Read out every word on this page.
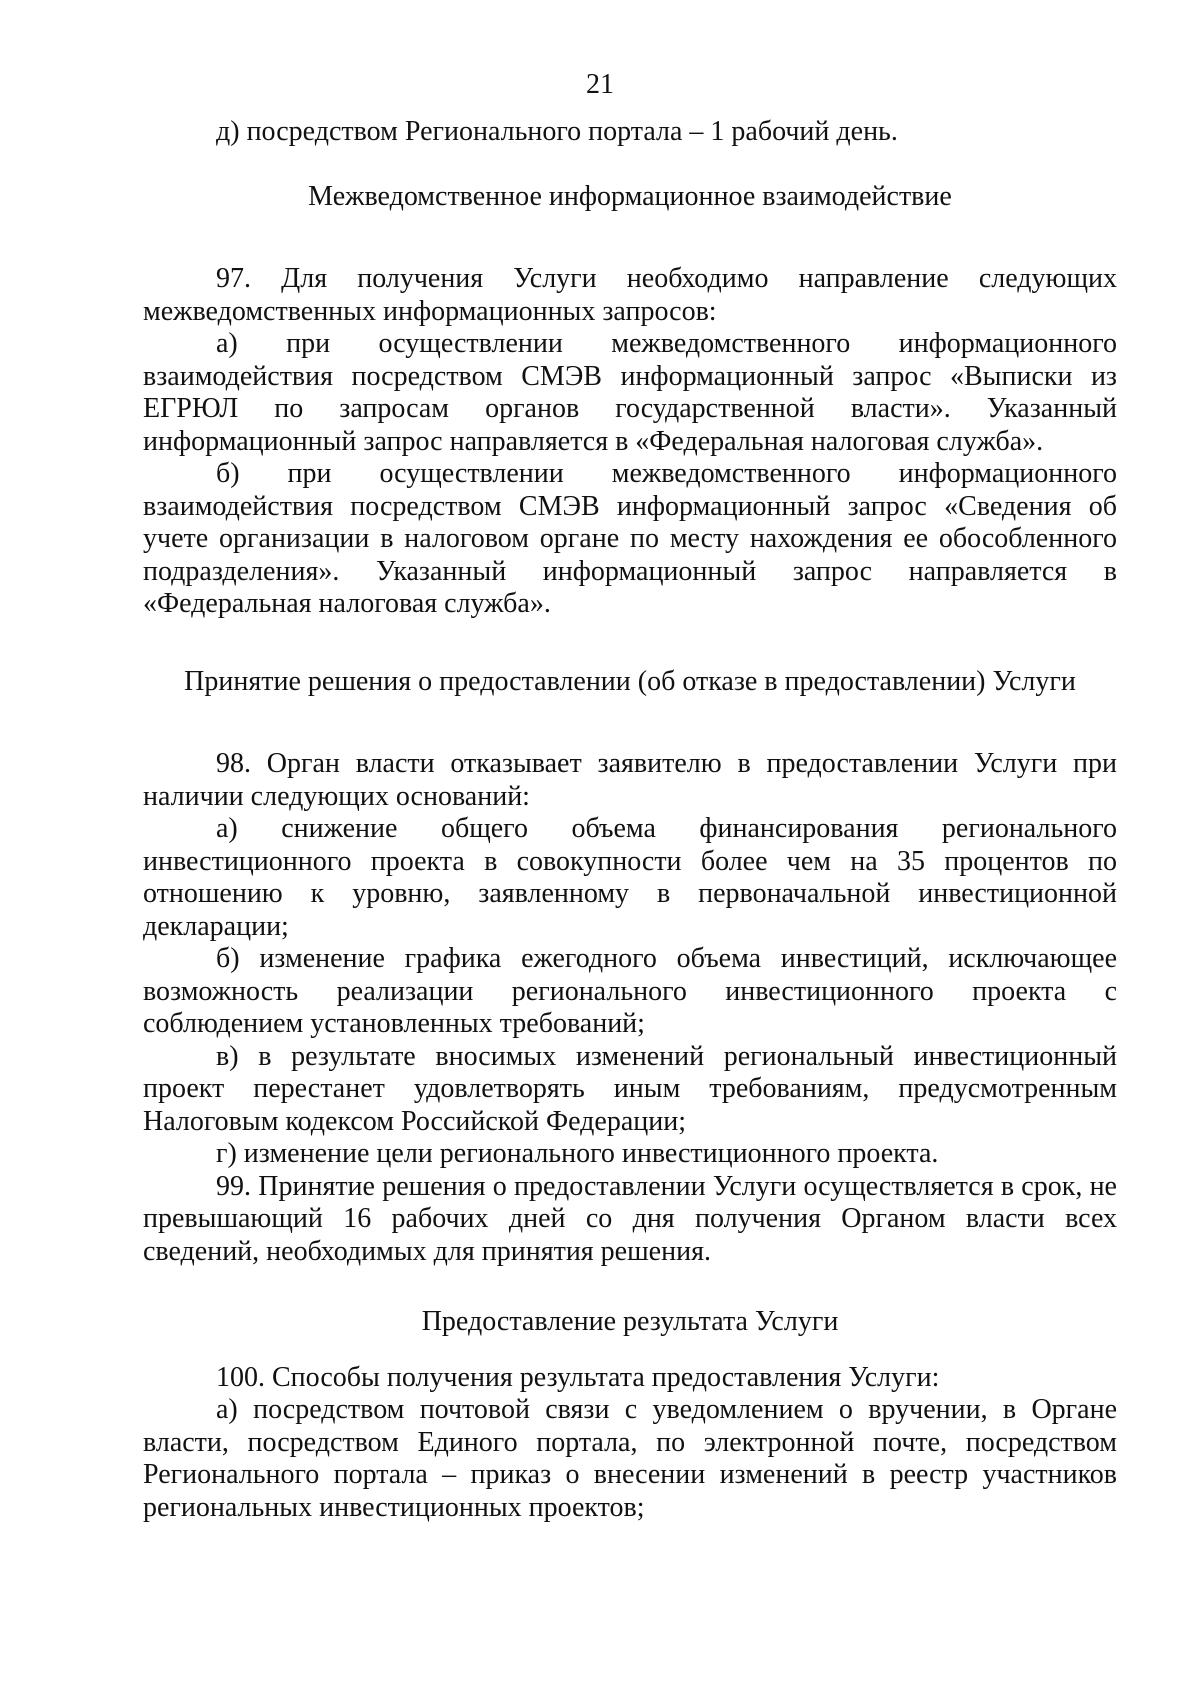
21

д) посредством Регионального портала – 1 рабочий день.

Межведомственное информационное взаимодействие

97. Для получения Услуги необходимо направление следующих межведомственных информационных запросов:

а) при осуществлении межведомственного информационного взаимодействия посредством СМЭВ информационный запрос «Выписки из ЕГРЮЛ по запросам органов государственной власти». Указанный информационный запрос направляется в «Федеральная налоговая служба».

б) при осуществлении межведомственного информационного взаимодействия посредством СМЭВ информационный запрос «Сведения об учете организации в налоговом органе по месту нахождения ее обособленного подразделения». Указанный информационный запрос направляется в «Федеральная налоговая служба».

Принятие решения о предоставлении (об отказе в предоставлении) Услуги

98. Орган власти отказывает заявителю в предоставлении Услуги при наличии следующих оснований:

а) снижение общего объема финансирования регионального инвестиционного проекта в совокупности более чем на 35 процентов по отношению к уровню, заявленному в первоначальной инвестиционной декларации;

б) изменение графика ежегодного объема инвестиций, исключающее возможность реализации регионального инвестиционного проекта с соблюдением установленных требований;

в) в результате вносимых изменений региональный инвестиционный проект перестанет удовлетворять иным требованиям, предусмотренным Налоговым кодексом Российской Федерации;

г) изменение цели регионального инвестиционного проекта.

99. Принятие решения о предоставлении Услуги осуществляется в срок, не превышающий 16 рабочих дней со дня получения Органом власти всех сведений, необходимых для принятия решения.

Предоставление результата Услуги

100. Способы получения результата предоставления Услуги:

а) посредством почтовой связи с уведомлением о вручении, в Органе власти, посредством Единого портала, по электронной почте, посредством Регионального портала – приказ о внесении изменений в реестр участников региональных инвестиционных проектов;
